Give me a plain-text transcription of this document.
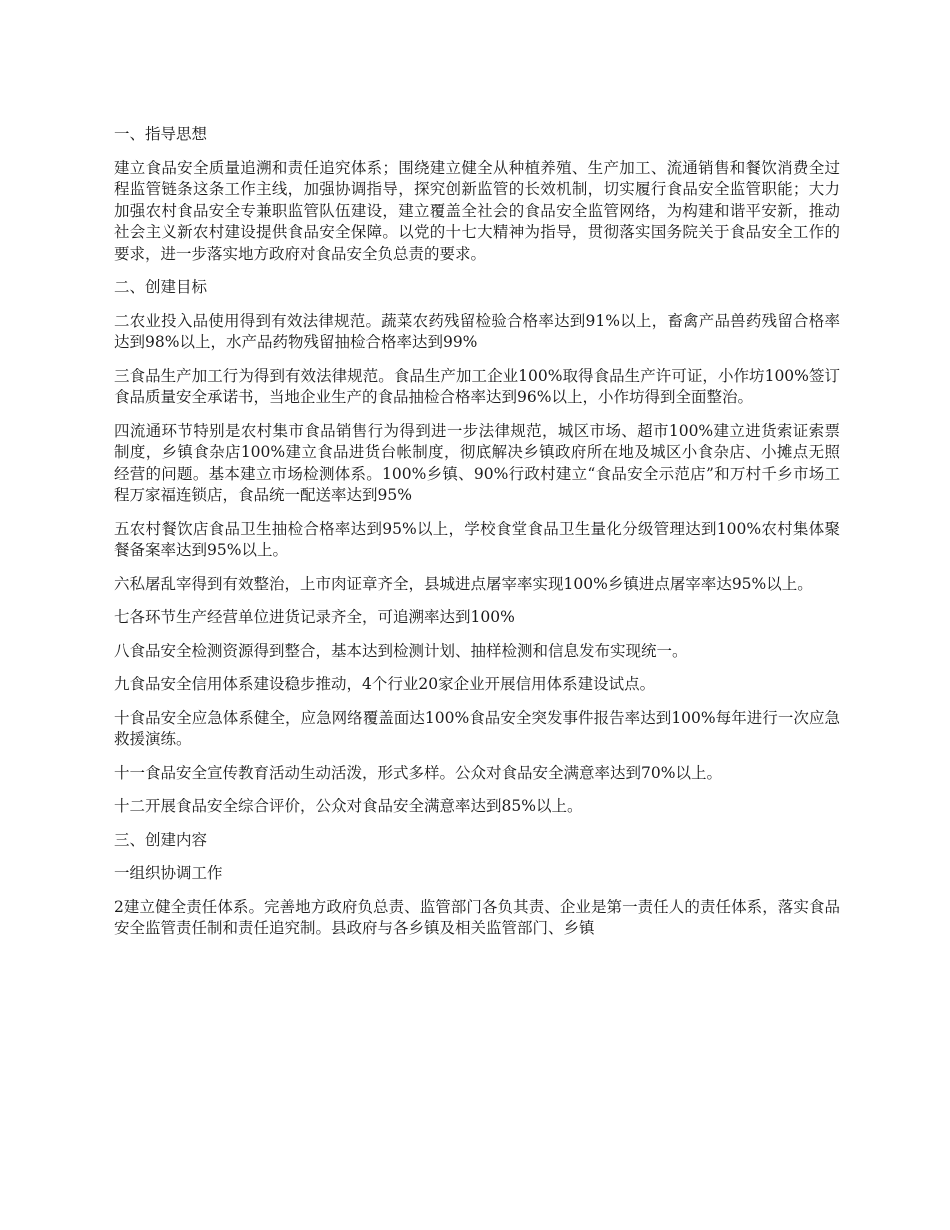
一、指导思想

建立食品安全质量追溯和责任追究体系；围绕建立健全从种植养殖、生产加工、流通销售和餐饮消费全过程监管链条这条工作主线，加强协调指导，探究创新监管的长效机制，切实履行食品安全监管职能；大力加强农村食品安全专兼职监管队伍建设，建立覆盖全社会的食品安全监管网络，为构建和谐平安新，推动社会主义新农村建设提供食品安全保障。以党的十七大精神为指导，贯彻落实国务院关于食品安全工作的要求，进一步落实地方政府对食品安全负总责的要求。

二、创建目标

二农业投入品使用得到有效法律规范。蔬菜农药残留检验合格率达到91%以上，畜禽产品兽药残留合格率达到98%以上，水产品药物残留抽检合格率达到99%

三食品生产加工行为得到有效法律规范。食品生产加工企业100%取得食品生产许可证，小作坊100%签订食品质量安全承诺书，当地企业生产的食品抽检合格率达到96%以上，小作坊得到全面整治。

四流通环节特别是农村集市食品销售行为得到进一步法律规范，城区市场、超市100%建立进货索证索票制度，乡镇食杂店100%建立食品进货台帐制度，彻底解决乡镇政府所在地及城区小食杂店、小摊点无照经营的问题。基本建立市场检测体系。100%乡镇、90%行政村建立“食品安全示范店”和万村千乡市场工程万家福连锁店，食品统一配送率达到95%

五农村餐饮店食品卫生抽检合格率达到95%以上，学校食堂食品卫生量化分级管理达到100%农村集体聚餐备案率达到95%以上。

六私屠乱宰得到有效整治，上市肉证章齐全，县城进点屠宰率实现100%乡镇进点屠宰率达95%以上。

七各环节生产经营单位进货记录齐全，可追溯率达到100%

八食品安全检测资源得到整合，基本达到检测计划、抽样检测和信息发布实现统一。

九食品安全信用体系建设稳步推动，4个行业20家企业开展信用体系建设试点。

十食品安全应急体系健全，应急网络覆盖面达100%食品安全突发事件报告率达到100%每年进行一次应急救援演练。

十一食品安全宣传教育活动生动活泼，形式多样。公众对食品安全满意率达到70%以上。

十二开展食品安全综合评价，公众对食品安全满意率达到85%以上。

三、创建内容

一组织协调工作

2建立健全责任体系。完善地方政府负总责、监管部门各负其责、企业是第一责任人的责任体系，落实食品安全监管责任制和责任追究制。县政府与各乡镇及相关监管部门、乡镇
